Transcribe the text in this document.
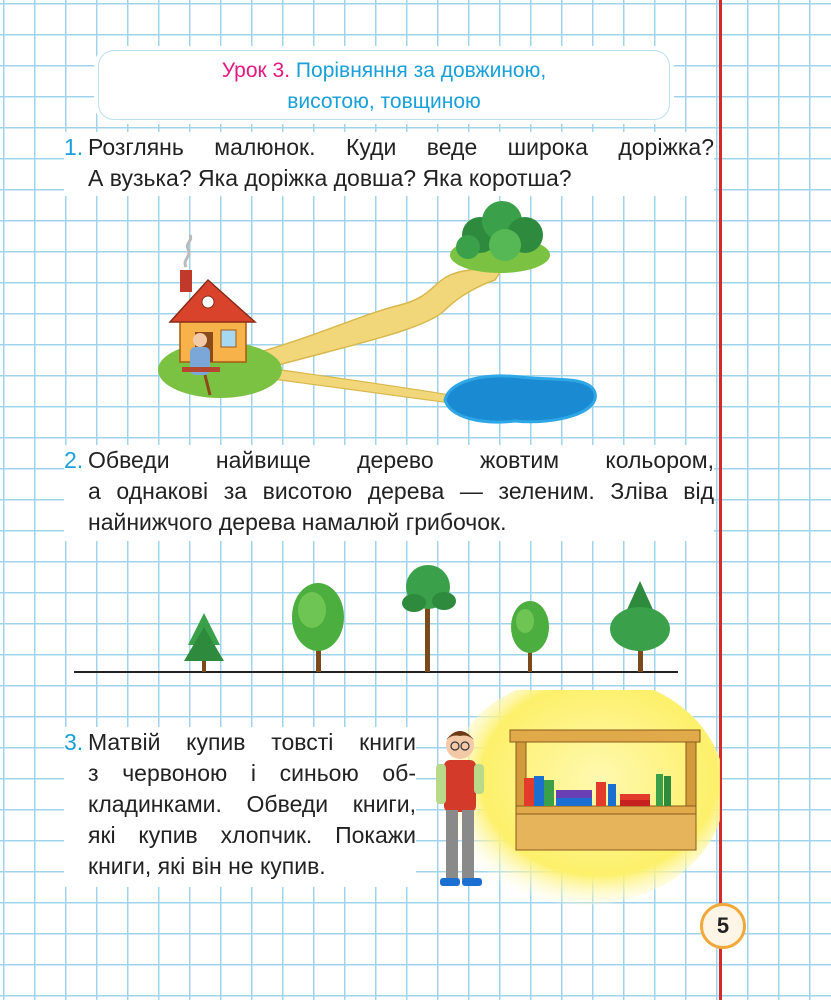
Урок 3. Порівняння за довжиною,
висотою, товщиною
1. Розглянь малюнок. Куди веде широка доріжка?
А вузька? Яка доріжка довша? Яка коротша?
2. Обведи найвище дерево жовтим кольором,
а однакові за висотою дерева — зеленим. Зліва від
найнижчого дерева намалюй грибочок.
3. Матвій купив товсті книги
з червоною і синьою об-
кладинками. Обведи книги,
які купив хлопчик. Покажи
книги, які він не купив.
5
